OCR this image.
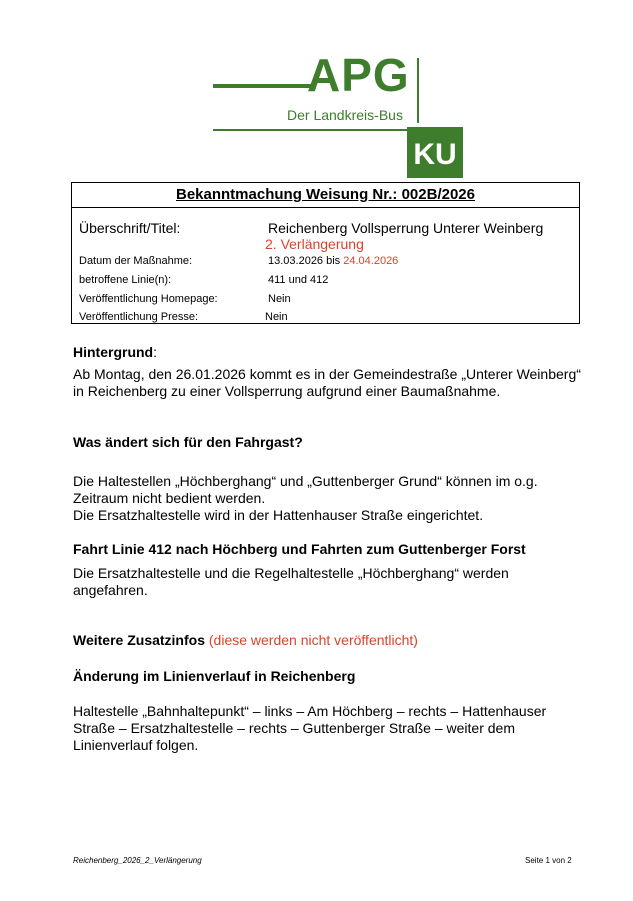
APG
Der Landkreis-Bus
KU
Bekanntmachung Weisung Nr.: 002B/2026
Überschrift/Titel:	Reichenberg Vollsperrung Unterer Weinberg
2. Verlängerung
Datum der Maßnahme:	13.03.2026 bis 24.04.2026
betroffene Linie(n):	411 und 412
Veröffentlichung Homepage:	Nein
Veröffentlichung Presse:	Nein
Hintergrund:
Ab Montag, den 26.01.2026 kommt es in der Gemeindestraße „Unterer Weinberg“ in Reichenberg zu einer Vollsperrung aufgrund einer Baumaßnahme.
Was ändert sich für den Fahrgast?
Die Haltestellen „Höchberghang“ und „Guttenberger Grund“ können im o.g. Zeitraum nicht bedient werden.
Die Ersatzhaltestelle wird in der Hattenhauser Straße eingerichtet.
Fahrt Linie 412 nach Höchberg und Fahrten zum Guttenberger Forst
Die Ersatzhaltestelle und die Regelhaltestelle „Höchberghang“ werden angefahren.
Weitere Zusatzinfos (diese werden nicht veröffentlicht)
Änderung im Linienverlauf in Reichenberg
Haltestelle „Bahnhaltepunkt“ – links – Am Höchberg – rechts – Hattenhauser Straße – Ersatzhaltestelle – rechts – Guttenberger Straße – weiter dem Linienverlauf folgen.
Reichenberg_2026_2_Verlängerung	Seite 1 von 2
